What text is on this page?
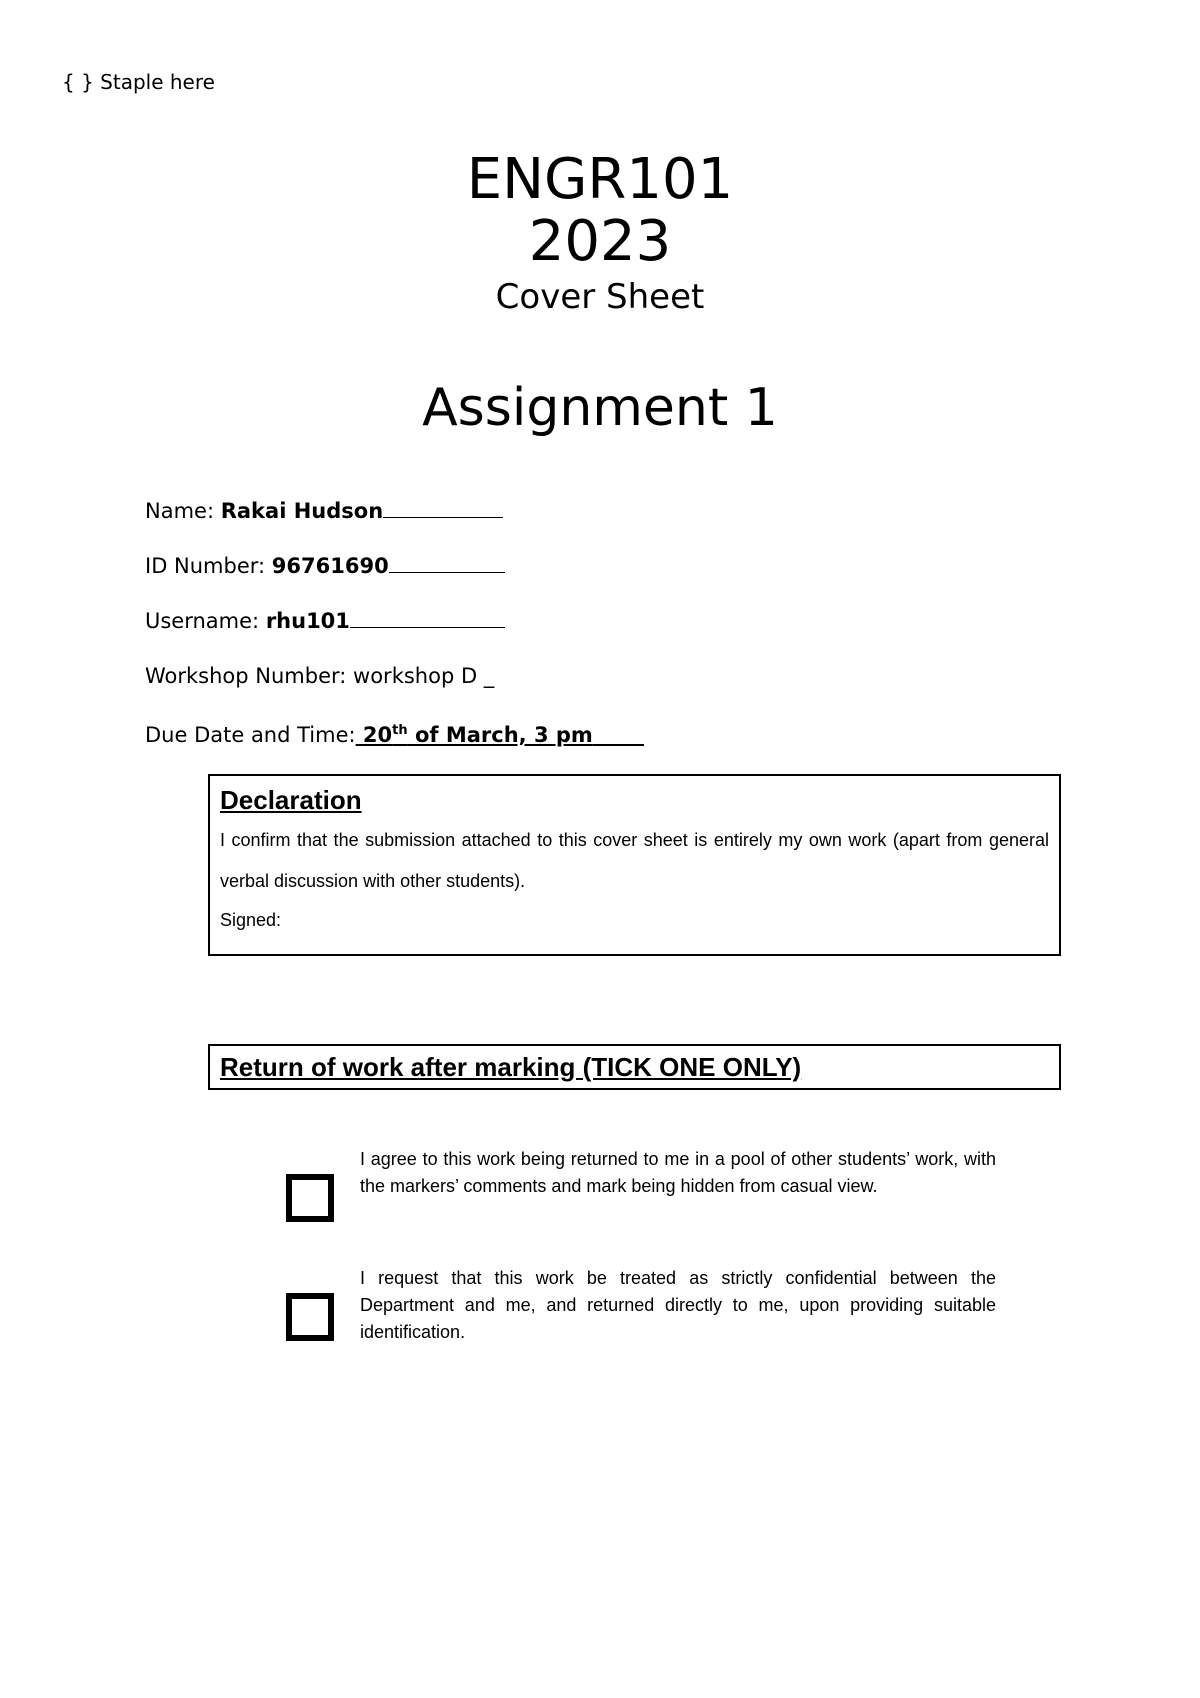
{ } Staple here
ENGR101
2023
Cover Sheet
Assignment 1
Name: Rakai Hudson
ID Number: 96761690
Username: rhu101
Workshop Number: workshop D _
Due Date and Time: 20th of March, 3 pm
Declaration
I confirm that the submission attached to this cover sheet is entirely my own work (apart from general verbal discussion with other students).
Signed:
Return of work after marking (TICK ONE ONLY)
I agree to this work being returned to me in a pool of other students’ work, with the markers’ comments and mark being hidden from casual view.
I request that this work be treated as strictly confidential between the Department and me, and returned directly to me, upon providing suitable identification.
